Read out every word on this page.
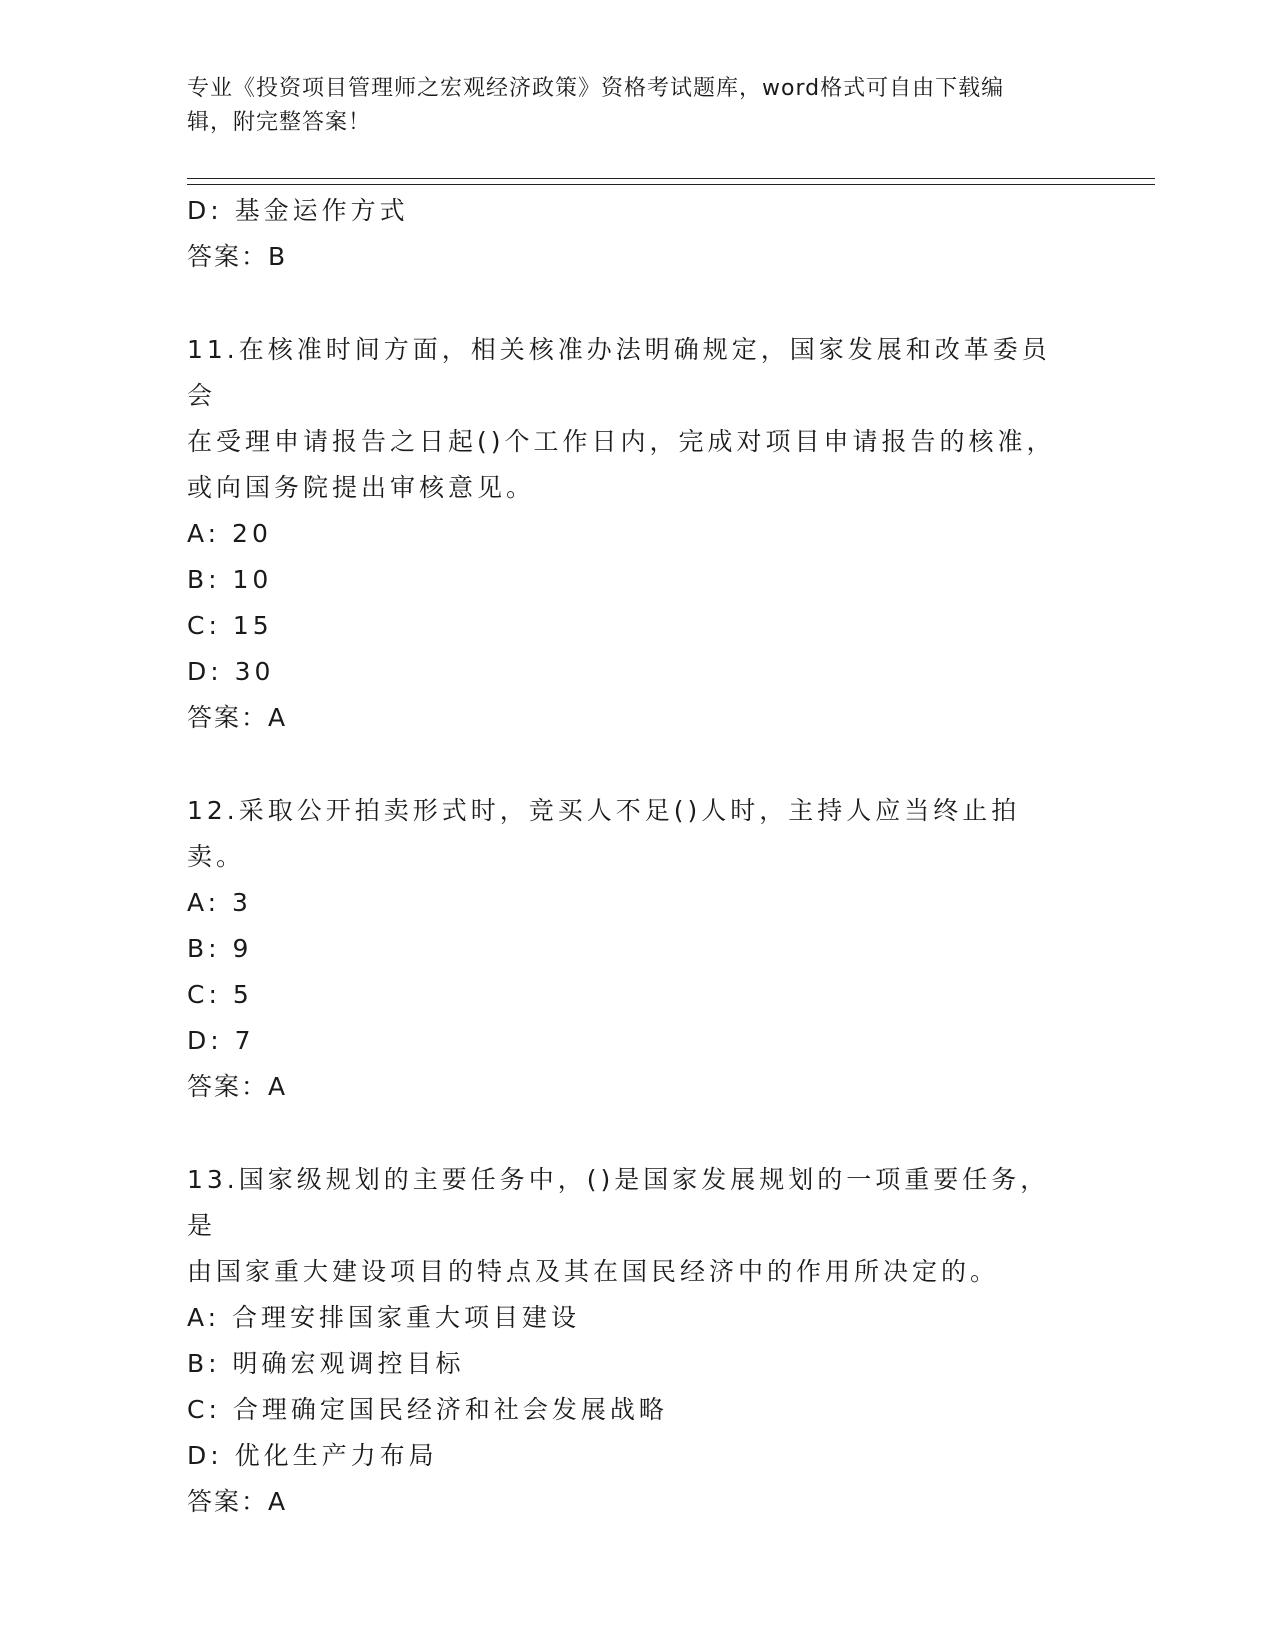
专业《投资项目管理师之宏观经济政策》资格考试题库，word格式可自由下载编
辑，附完整答案！
D: 基金运作方式
答案：B
11.在核准时间方面，相关核准办法明确规定，国家发展和改革委员会
在受理申请报告之日起()个工作日内，完成对项目申请报告的核准，
或向国务院提出审核意见。
A: 20
B: 10
C: 15
D: 30
答案：A
12.采取公开拍卖形式时，竞买人不足()人时，主持人应当终止拍卖。
A: 3
B: 9
C: 5
D: 7
答案：A
13.国家级规划的主要任务中，()是国家发展规划的一项重要任务，是
由国家重大建设项目的特点及其在国民经济中的作用所决定的。
A: 合理安排国家重大项目建设
B: 明确宏观调控目标
C: 合理确定国民经济和社会发展战略
D: 优化生产力布局
答案：A
